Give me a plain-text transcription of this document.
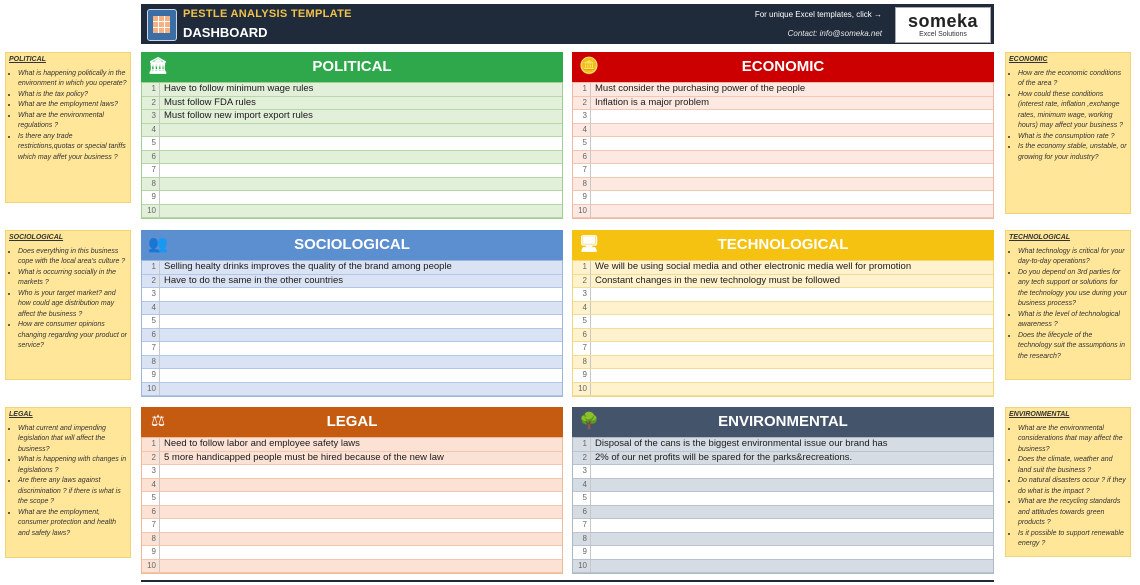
PESTLE ANALYSIS TEMPLATE
DASHBOARD
For unique Excel templates, click →
Contact: info@someka.net
someka
Excel Solutions
POLITICAL
• What is happening politically in the environment in which you operate?
• What is the tax policy?
• What are the employment laws?
• What are the environmental regulations ?
• Is there any trade restrictions,quotas or special tariffs which may affet your business ?
SOCIOLOGICAL
• Does everything in this business cope with the local area's culture ?
• What is occurring socially in the markets ?
• Who is your target market? and how could age distribution may affect the business ?
• How are consumer opinions changing regarding your product or service?
LEGAL
• What current and impending legislation that will affect the business?
• What is happening with changes in legislations ?
• Are there any laws against discrimination ? if there is what is the scope ?
• What are the employment, consumer protection and health and safety laws?
ECONOMIC
• How are the economic conditions of the area ?
• How could these conditions (interest rate, inflation ,exchange rates, minimum wage, working hours) may affect your business ?
• What is the consumption rate ?
• Is the economy stable, unstable, or growing for your industry?
TECHNOLOGICAL
• What technology is critical for your day-to-day operations?
• Do you depend on 3rd parties for any tech support or solutions for the technology you use during your business process?
• What is the level of technological awareness ?
• Does the lifecycle of the technology suit the assumptions in the research?
ENVIRONMENTAL
• What are the environmental considerations that may affect the business?
• Does the climate, weather and land suit the business ?
• Do natural disasters occur ? if they do what is the impact ?
• What are the recycling standards and attitudes towards green products ?
• Is it possible to support renewable energy ?
🏛	POLITICAL
1 Have to follow minimum wage rules
2 Must follow FDA rules
3 Must follow new import export rules
4
5
6
7
8
9
10
🪙	ECONOMIC
1 Must consider the purchasing power of the people
2 Inflation is a major problem
3
4
5
6
7
8
9
10
👥	SOCIOLOGICAL
1 Selling healty drinks improves the quality of the brand among people
2 Have to do the same in the other countries
3
4
5
6
7
8
9
10
🖥	TECHNOLOGICAL
1 We will be using social media and other electronic media well for promotion
2 Constant changes in the new technology must be followed
3
4
5
6
7
8
9
10
⚖	LEGAL
1 Need to follow labor and employee safety laws
2 5 more handicapped people must be hired because of the new law
3
4
5
6
7
8
9
10
🌳	ENVIRONMENTAL
1 Disposal of the cans is the biggest environmental issue our brand has
2 2% of our net profits will be spared for the parks&recreations.
3
4
5
6
7
8
9
10
